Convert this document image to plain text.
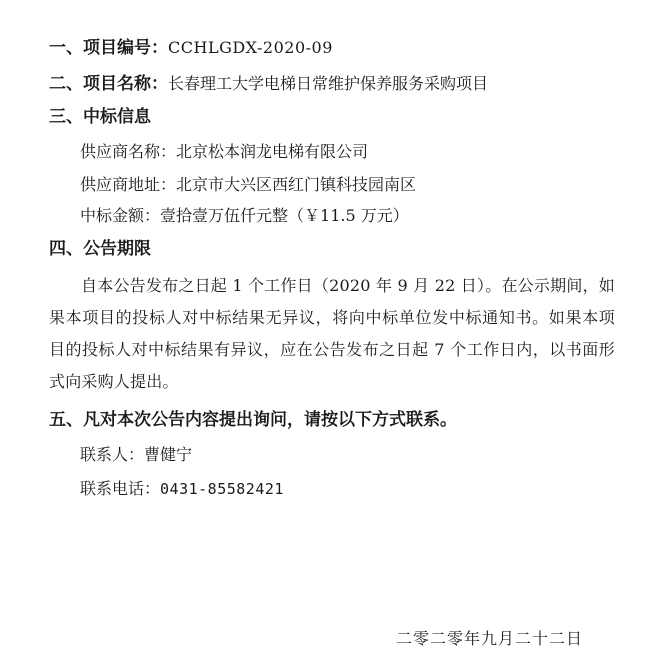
一、项目编号：CCHLGDX-2020-09
二、项目名称：长春理工大学电梯日常维护保养服务采购项目
三、中标信息
供应商名称：北京松本润龙电梯有限公司
供应商地址：北京市大兴区西红门镇科技园南区
中标金额：壹拾壹万伍仟元整（￥11.5 万元）
四、公告期限

自本公告发布之日起 1 个工作日（2020 年 9 月 22 日）。在公示期间，如果本项目的投标人对中标结果无异议，将向中标单位发中标通知书。如果本项目的投标人对中标结果有异议，应在公告发布之日起 7 个工作日内，以书面形式向采购人提出。

五、凡对本次公告内容提出询问，请按以下方式联系。
联系人：曹健宁
联系电话：0431-85582421
二零二零年九月二十二日
